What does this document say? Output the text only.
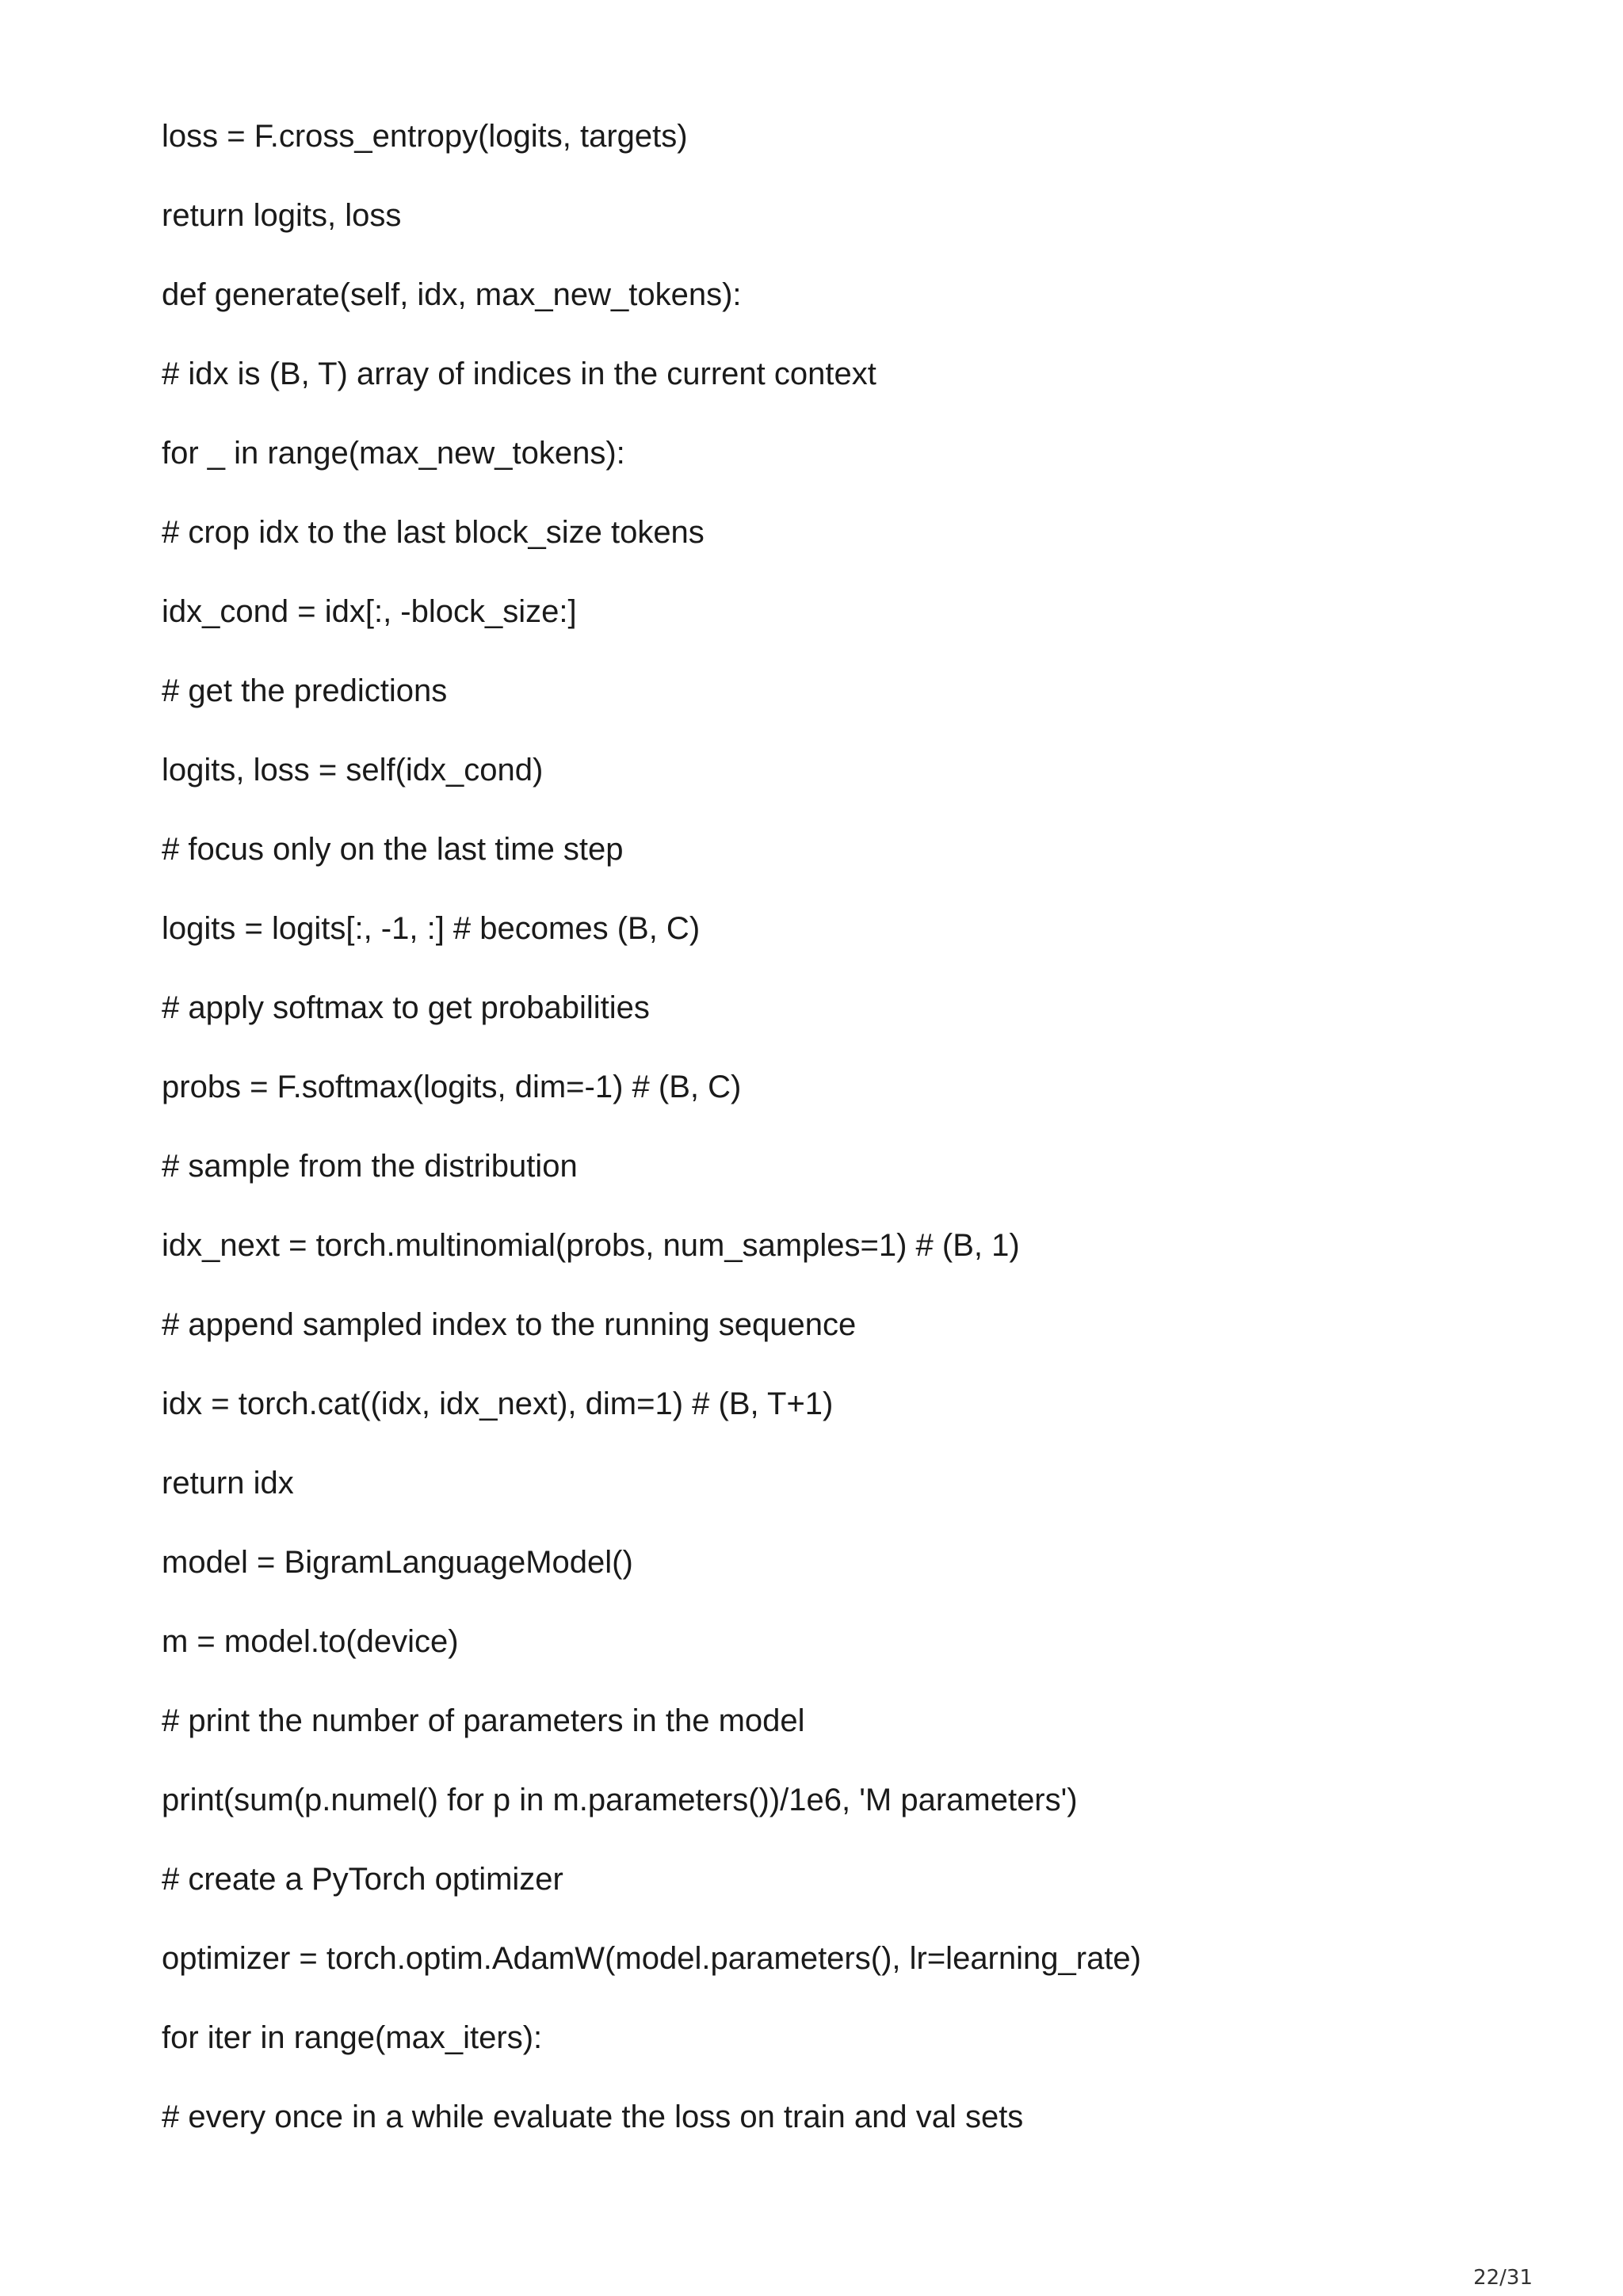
loss = F.cross_entropy(logits, targets)
return logits, loss
def generate(self, idx, max_new_tokens):
# idx is (B, T) array of indices in the current context
for _ in range(max_new_tokens):
# crop idx to the last block_size tokens
idx_cond = idx[:, -block_size:]
# get the predictions
logits, loss = self(idx_cond)
# focus only on the last time step
logits = logits[:, -1, :] # becomes (B, C)
# apply softmax to get probabilities
probs = F.softmax(logits, dim=-1) # (B, C)
# sample from the distribution
idx_next = torch.multinomial(probs, num_samples=1) # (B, 1)
# append sampled index to the running sequence
idx = torch.cat((idx, idx_next), dim=1) # (B, T+1)
return idx
model = BigramLanguageModel()
m = model.to(device)
# print the number of parameters in the model
print(sum(p.numel() for p in m.parameters())/1e6, 'M parameters')
# create a PyTorch optimizer
optimizer = torch.optim.AdamW(model.parameters(), lr=learning_rate)
for iter in range(max_iters):
# every once in a while evaluate the loss on train and val sets
22/31
